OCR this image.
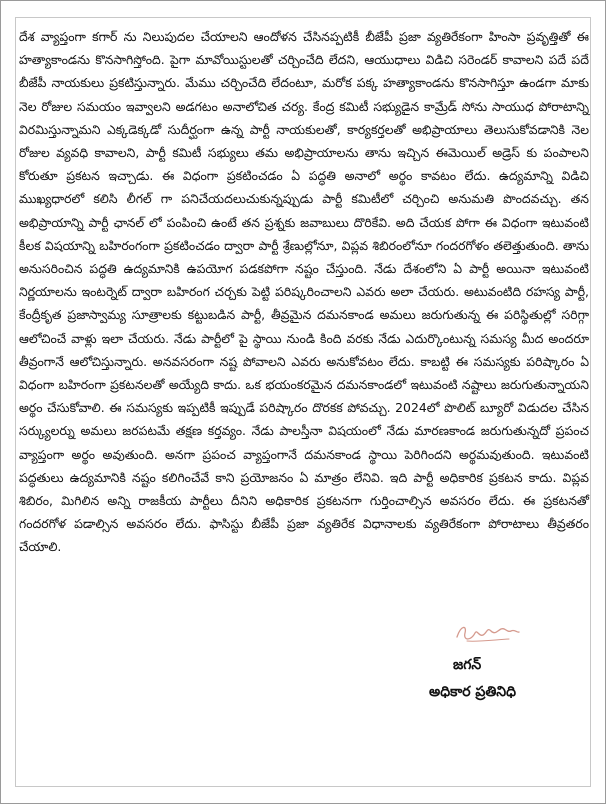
దేశ వ్యాప్తంగా కగార్ ను నిలుపుదల చేయాలని ఆందోళన చేసినప్పటికీ బీజేపీ ప్రజా వ్యతిరేకంగా హింసా ప్రవృత్తితో ఈ హత్యాకాండను కొనసాగిస్తోంది. పైగా మావోయిస్టులతో చర్చించేది లేదని, ఆయుధాలు విడిచి సరెండర్ కావాలని పదే పదే బీజేపీ నాయకులు ప్రకటిస్తున్నారు. మేము చర్చించేది లేదంటూ, మరోక పక్క హత్యాకాండను కొనసాగిస్తూ ఉండగా మాకు నెల రోజుల సమయం ఇవ్వాలని అడగటం అనాలోచిత చర్య. కేంద్ర కమిటీ సభ్యుడైన కామ్రేడ్ సోను సాయుధ పోరాటాన్ని విరమిస్తున్నామని ఎక్కడెక్కడో సుదీర్ఘంగా ఉన్న పార్టీ నాయకులతో, కార్యకర్తలతో అభిప్రాయాలు తెలుసుకోవడానికి నెల రోజుల వ్యవధి కావాలని, పార్టీ కమిటీ సభ్యులు తమ అభిప్రాయాలను తాను ఇచ్చిన ఈమెయిల్ అడ్రెస్ కు పంపాలని కోరుతూ ప్రకటన ఇచ్చాడు. ఈ విధంగా ప్రకటించడం ఏ పద్ధతి అనాలో అర్థం కావటం లేదు. ఉద్యమాన్ని విడిచి ముఖ్యధారలో కలిసి లీగల్ గా పనిచేయదలుచుకున్నప్పుడు పార్టీ కమిటీలో చర్చించి అనుమతి పొందవచ్చు. తన అభిప్రాయాన్ని పార్టీ ఛానల్ లో పంపించి ఉంటే తన ప్రశ్నకు జవాబులు దొరికేవి. అది చేయక పోగా ఈ విధంగా ఇటువంటి కీలక విషయాన్ని బహిరంగంగా ప్రకటించడం ద్వారా పార్టీ శ్రేణుల్లోనూ, విప్లవ శిబిరంలోనూ గందరగోళం తలెత్తుతుంది. తాను అనుసరించిన పద్ధతి ఉద్యమానికి ఉపయోగ పడకపోగా నష్టం చేస్తుంది. నేడు దేశంలోని ఏ పార్టీ అయినా ఇటువంటి నిర్ణయాలను ఇంటర్నెట్ ద్వారా బహిరంగ చర్చకు పెట్టి పరిష్కరించాలని ఎవరు అలా చేయరు. అటువంటిది రహస్య పార్టీ, కేంద్రీకృత ప్రజాస్వామ్య సూత్రాలకు కట్టుబడిన పార్టీ, తీవ్రమైన దమనకాండ అమలు జరుగుతున్న ఈ పరిస్థితుల్లో సరిగ్గా ఆలోచించే వాళ్లు ఇలా చేయరు. నేడు పార్టీలో పై స్థాయి నుండి కింది వరకు నేడు ఎదుర్కొంటున్న సమస్య మీద అందరూ తీవ్రంగానే ఆలోచిస్తున్నారు. అనవసరంగా నష్ట పోవాలని ఎవరు అనుకోవటం లేదు. కాబట్టి ఈ సమస్యకు పరిష్కారం ఏ విధంగా బహిరంగా ప్రకటనలతో అయ్యేది కాదు. ఒక భయంకరమైన దమనకాండలో ఇటువంటి నష్టాలు జరుగుతున్నాయని అర్థం చేసుకోవాలి. ఈ సమస్యకు ఇప్పటికీ ఇప్పుడే పరిష్కారం దొరకక పోవచ్చు. 2024లో పొలిట్ బ్యూరో విడుదల చేసిన సర్క్యులర్ను అమలు జరపటమే తక్షణ కర్తవ్యం. నేడు పాలస్తీనా విషయంలో నేడు మారణకాండ జరుగుతున్నదో ప్రపంచ వ్యాప్తంగా అర్థం అవుతుంది. అనగా ప్రపంచ వ్యాప్తంగానే దమనకాండ స్థాయి పెరిగిందని అర్థమవుతుంది. ఇటువంటి పద్ధతులు ఉద్యమానికి నష్టం కలిగించేవే కాని ప్రయోజనం ఏ మాత్రం లేనివి. ఇది పార్టీ అధికారిక ప్రకటన కాదు. విప్లవ శిబిరం, మిగిలిన అన్ని రాజకీయ పార్టీలు దీనిని అధికారిక ప్రకటనగా గుర్తించాల్సిన అవసరం లేదు. ఈ ప్రకటనతో గందరగోళ పడాల్సిన అవసరం లేదు. ఫాసిస్టు బీజేపీ ప్రజా వ్యతిరేక విధానాలకు వ్యతిరేకంగా పోరాటాలు తీవ్రతరం చేయాలి.

జగన్
అధికార ప్రతినిధి
